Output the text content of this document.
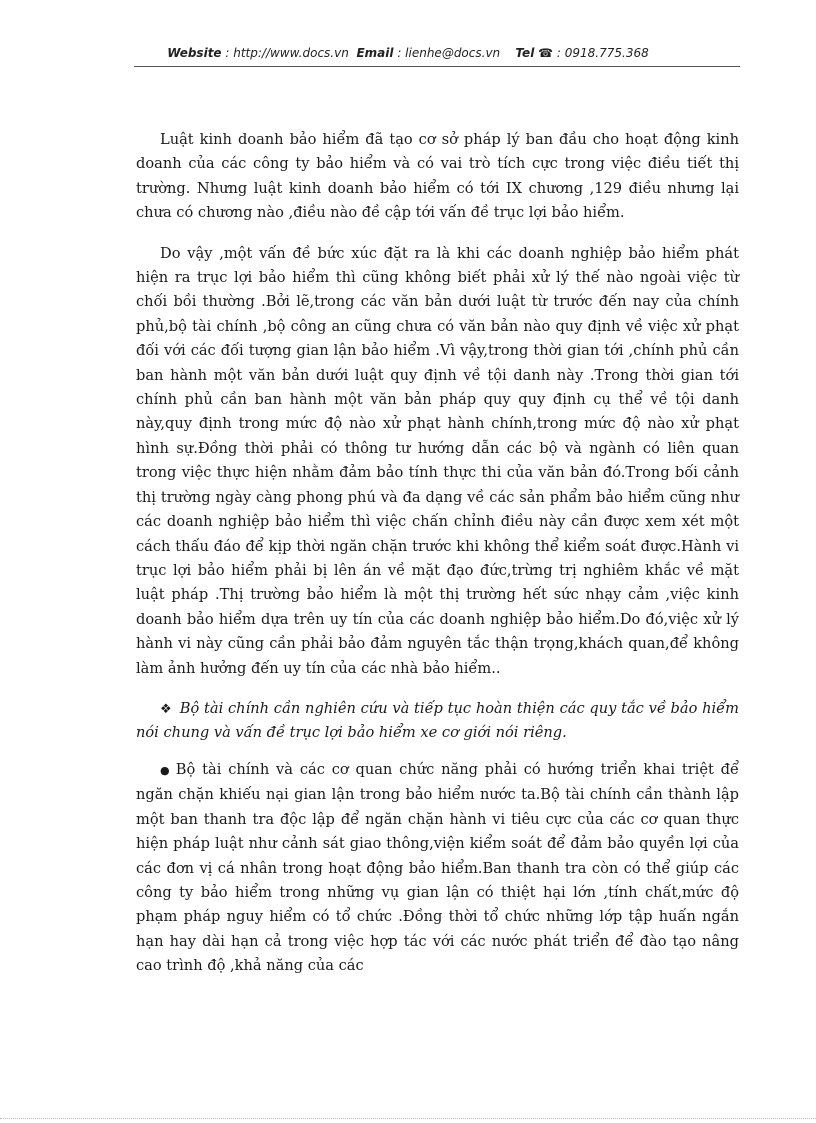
Website : http://www.docs.vn Email : lienhe@docs.vn Tel ☎ : 0918.775.368

Luật kinh doanh bảo hiểm đã tạo cơ sở pháp lý ban đầu cho hoạt động kinh doanh của các công ty bảo hiểm và có vai trò tích cực trong việc điều tiết thị trường. Nhưng luật kinh doanh bảo hiểm có tới IX chương ,129 điều nhưng lại chưa có chương nào ,điều nào đề cập tới vấn đề trục lợi bảo hiểm.

Do vậy ,một vấn đề bức xúc đặt ra là khi các doanh nghiệp bảo hiểm phát hiện ra trục lợi bảo hiểm thì cũng không biết phải xử lý thế nào ngoài việc từ chối bồi thường .Bởi lẽ,trong các văn bản dưới luật từ trước đến nay của chính phủ,bộ tài chính ,bộ công an cũng chưa có văn bản nào quy định về việc xử phạt đối với các đối tượng gian lận bảo hiểm .Vì vậy,trong thời gian tới ,chính phủ cần ban hành một văn bản dưới luật quy định về tội danh này .Trong thời gian tới chính phủ cần ban hành một văn bản pháp quy quy định cụ thể về tội danh này,quy định trong mức độ nào xử phạt hành chính,trong mức độ nào xử phạt hình sự.Đồng thời phải có thông tư hướng dẫn các bộ và ngành có liên quan trong việc thực hiện nhằm đảm bảo tính thực thi của văn bản đó.Trong bối cảnh thị trường ngày càng phong phú và đa dạng về các sản phẩm bảo hiểm cũng như các doanh nghiệp bảo hiểm thì việc chấn chỉnh điều này cần được xem xét một cách thấu đáo để kịp thời ngăn chặn trước khi không thể kiểm soát được.Hành vi trục lợi bảo hiểm phải bị lên án về mặt đạo đức,trừng trị nghiêm khắc về mặt luật pháp .Thị trường bảo hiểm là một thị trường hết sức nhạy cảm ,việc kinh doanh bảo hiểm dựa trên uy tín của các doanh nghiệp bảo hiểm.Do đó,việc xử lý hành vi này cũng cần phải bảo đảm nguyên tắc thận trọng,khách quan,để không làm ảnh hưởng đến uy tín của các nhà bảo hiểm..

❖ Bộ tài chính cần nghiên cứu và tiếp tục hoàn thiện các quy tắc về bảo hiểm nói chung và vấn đề trục lợi bảo hiểm xe cơ giới nói riêng.

● Bộ tài chính và các cơ quan chức năng phải có hướng triển khai triệt để ngăn chặn khiếu nại gian lận trong bảo hiểm nước ta.Bộ tài chính cần thành lập một ban thanh tra độc lập để ngăn chặn hành vi tiêu cực của các cơ quan thực hiện pháp luật như cảnh sát giao thông,viện kiểm soát để đảm bảo quyền lợi của các đơn vị cá nhân trong hoạt động bảo hiểm.Ban thanh tra còn có thể giúp các công ty bảo hiểm trong những vụ gian lận có thiệt hại lớn ,tính chất,mức độ phạm pháp nguy hiểm có tổ chức .Đồng thời tổ chức những lớp tập huấn ngắn hạn hay dài hạn cả trong việc hợp tác với các nước phát triển để đào tạo nâng cao trình độ ,khả năng của các
